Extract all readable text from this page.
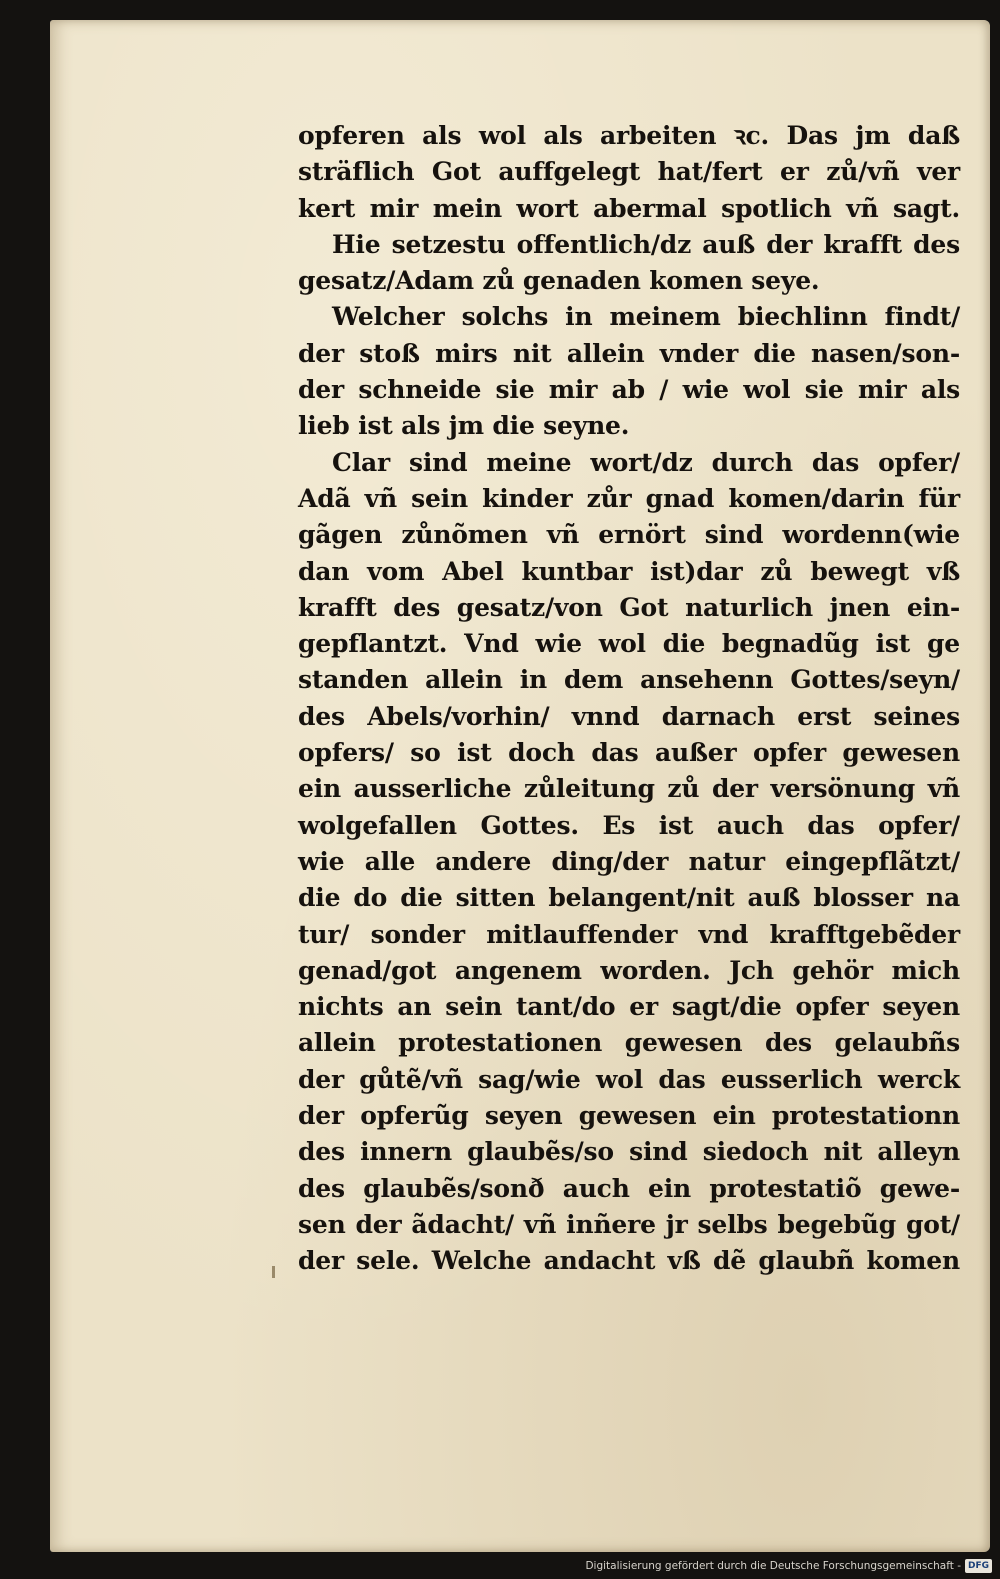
opferen als wol als arbeiten ꝛc. Das jm daß
sträflich Got auffgelegt hat/fert er zů/vñ ver
kert mir mein wort abermal spotlich vñ sagt.
Hie setzestu offentlich/dz auß der krafft des
gesatz/Adam zů genaden komen seye.
Welcher solchs in meinem biechlinn findt/
der stoß mirs nit allein vnder die nasen/son-
der schneide sie mir ab / wie wol sie mir als
lieb ist als jm die seyne.
Clar sind meine wort/dz durch das opfer/
Adã vñ sein kinder zůr gnad komen/darin für
gãgen zůnõmen vñ ernört sind wordenn(wie
dan vom Abel kuntbar ist)dar zů bewegt vß
krafft des gesatz/von Got naturlich jnen ein-
gepflantzt. Vnd wie wol die begnadũg ist ge
standen allein in dem ansehenn Gottes/seyn/
des Abels/vorhin/ vnnd darnach erst seines
opfers/ so ist doch das außer opfer gewesen
ein ausserliche zůleitung zů der versönung vñ
wolgefallen Gottes. Es ist auch das opfer/
wie alle andere ding/der natur eingepflãtzt/
die do die sitten belangent/nit auß blosser na
tur/ sonder mitlauffender vnd krafftgebẽder
genad/got angenem worden. Jch gehör mich
nichts an sein tant/do er sagt/die opfer seyen
allein protestationen gewesen des gelaubñs
der gůtẽ/vñ sag/wie wol das eusserlich werck
der opferũg seyen gewesen ein protestationn
des innern glaubẽs/so sind siedoch nit alleyn
des glaubẽs/sonð auch ein protestatiõ gewe-
sen der ãdacht/ vñ inñere jr selbs begebũg got/
der sele. Welche andacht vß dẽ glaubñ komen
Digitalisierung gefördert durch die Deutsche Forschungsgemeinschaft - DFG
